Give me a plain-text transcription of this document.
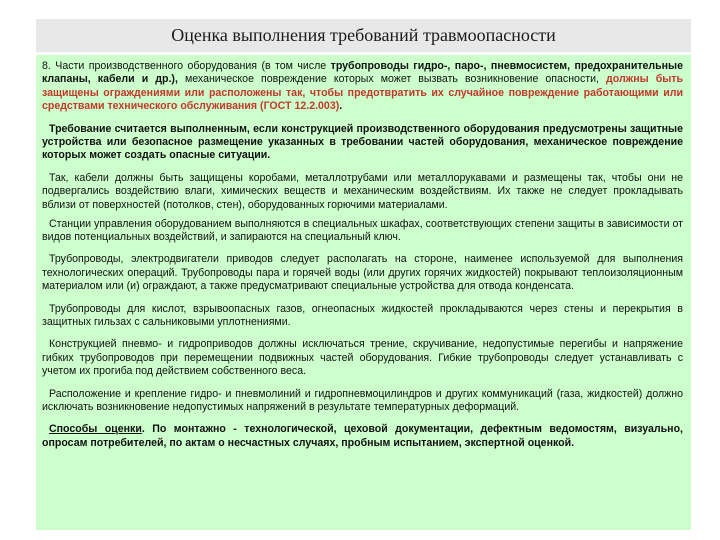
Оценка выполнения требований травмоопасности

8. Части производственного оборудования (в том числе трубопроводы гидро-, паро-, пневмосистем, предохранительные клапаны, кабели и др.), механическое повреждение которых может вызвать возникновение опасности, должны быть защищены ограждениями или расположены так, чтобы предотвратить их случайное повреждение работающими или средствами технического обслуживания (ГОСТ 12.2.003).

Требование считается выполненным, если конструкцией производственного оборудования предусмотрены защитные устройства или безопасное размещение указанных в требовании частей оборудования, механическое повреждение которых может создать опасные ситуации.

Так, кабели должны быть защищены коробами, металлотрубами или металлорукавами и размещены так, чтобы они не подвергались воздействию влаги, химических веществ и механическим воздействиям. Их также не следует прокладывать вблизи от поверхностей (потолков, стен), оборудованных горючими материалами.

Станции управления оборудованием выполняются в специальных шкафах, соответствующих степени защиты в зависимости от видов потенциальных воздействий, и запираются на специальный ключ.

Трубопроводы, электродвигатели приводов следует располагать на стороне, наименее используемой для выполнения технологических операций. Трубопроводы пара и горячей воды (или других горячих жидкостей) покрывают теплоизоляционным материалом или (и) ограждают, а также предусматривают специальные устройства для отвода конденсата.

Трубопроводы для кислот, взрывоопасных газов, огнеопасных жидкостей прокладываются через стены и перекрытия в защитных гильзах с сальниковыми уплотнениями.

Конструкцией пневмо- и гидроприводов должны исключаться трение, скручивание, недопустимые перегибы и напряжение гибких трубопроводов при перемещении подвижных частей оборудования. Гибкие трубопроводы следует устанавливать с учетом их прогиба под действием собственного веса.

Расположение и крепление гидро- и пневмолиний и гидропневмоцилиндров и других коммуникаций (газа, жидкостей) должно исключать возникновение недопустимых напряжений в результате температурных деформаций.

Способы оценки. По монтажно - технологической, цеховой документации, дефектным ведомостям, визуально, опросам потребителей, по актам о несчастных случаях, пробным испытанием, экспертной оценкой.
